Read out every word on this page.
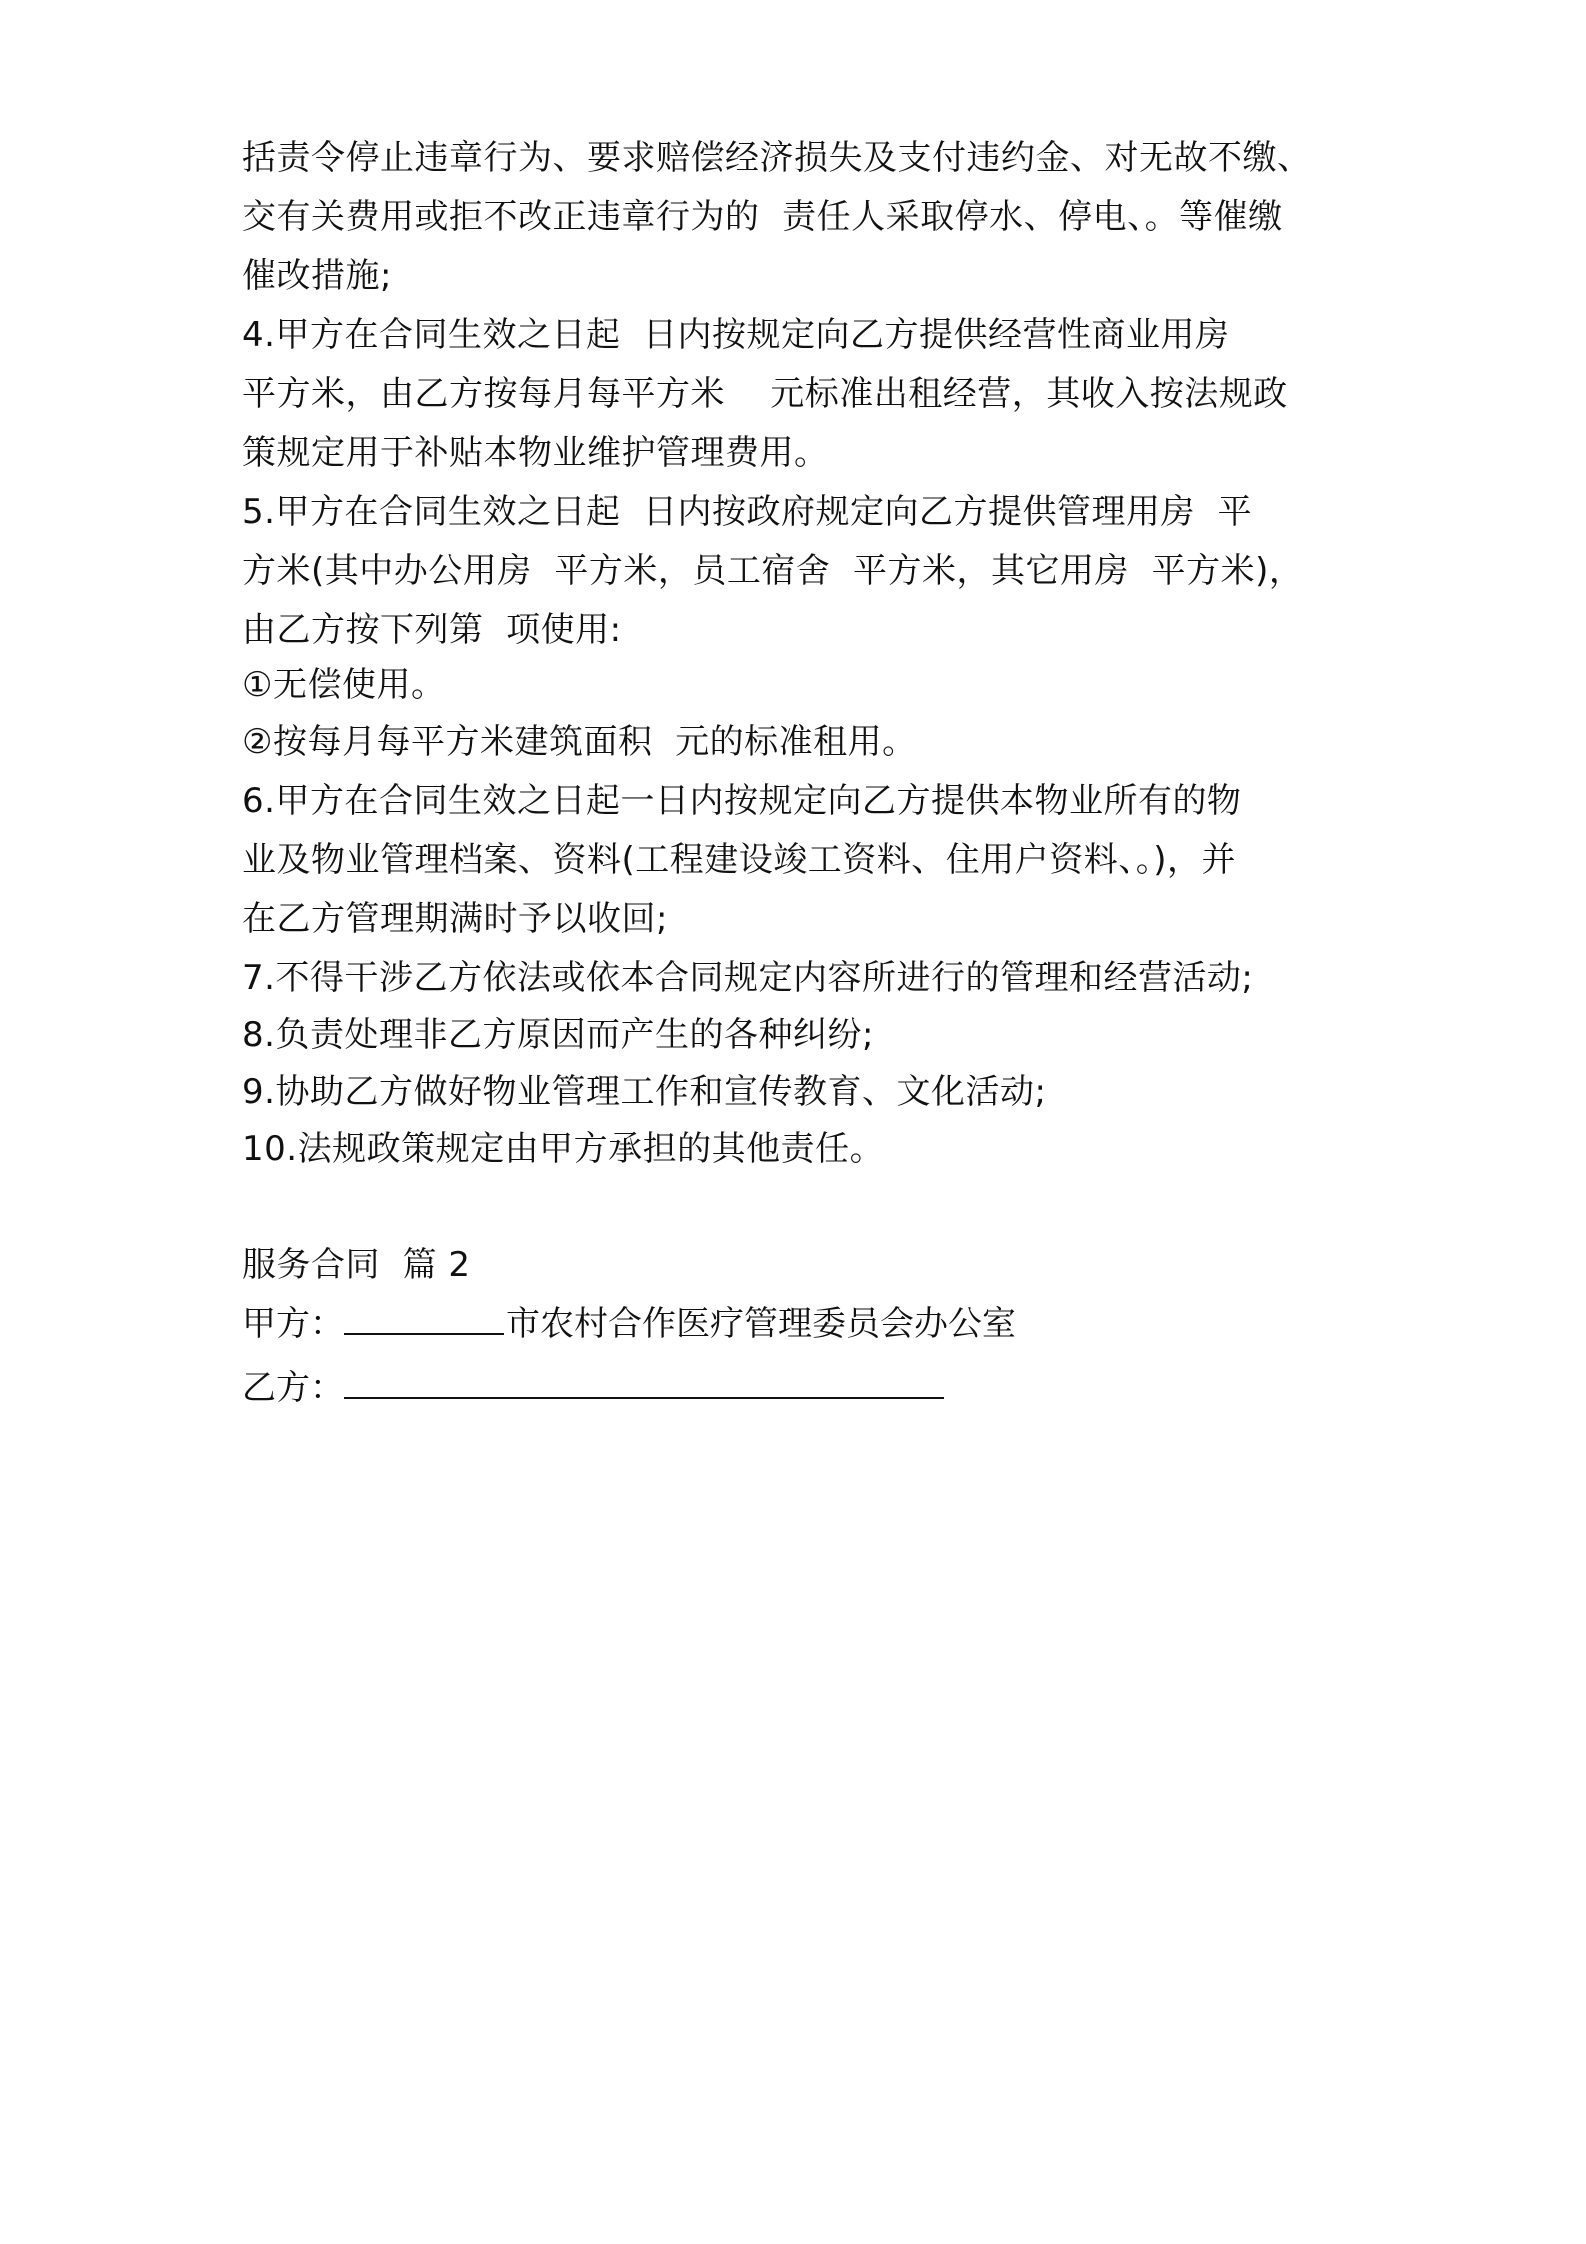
括责令停止违章行为、要求赔偿经济损失及支付违约金、对无故不缴、
交有关费用或拒不改正违章行为的  责任人采取停水、停电、。等催缴
催改措施;
4.甲方在合同生效之日起  日内按规定向乙方提供经营性商业用房
平方米，由乙方按每月每平方米    元标准出租经营，其收入按法规政
策规定用于补贴本物业维护管理费用。
5.甲方在合同生效之日起  日内按政府规定向乙方提供管理用房  平
方米(其中办公用房  平方米，员工宿舍  平方米，其它用房  平方米)，
由乙方按下列第  项使用:
①无偿使用。
②按每月每平方米建筑面积  元的标准租用。
6.甲方在合同生效之日起一日内按规定向乙方提供本物业所有的物
业及物业管理档案、资料(工程建设竣工资料、住用户资料、。)，并
在乙方管理期满时予以收回;
7.不得干涉乙方依法或依本合同规定内容所进行的管理和经营活动;
8.负责处理非乙方原因而产生的各种纠纷;
9.协助乙方做好物业管理工作和宣传教育、文化活动;
10.法规政策规定由甲方承担的其他责任。
服务合同  篇 2
甲方：	市农村合作医疗管理委员会办公室
乙方：
